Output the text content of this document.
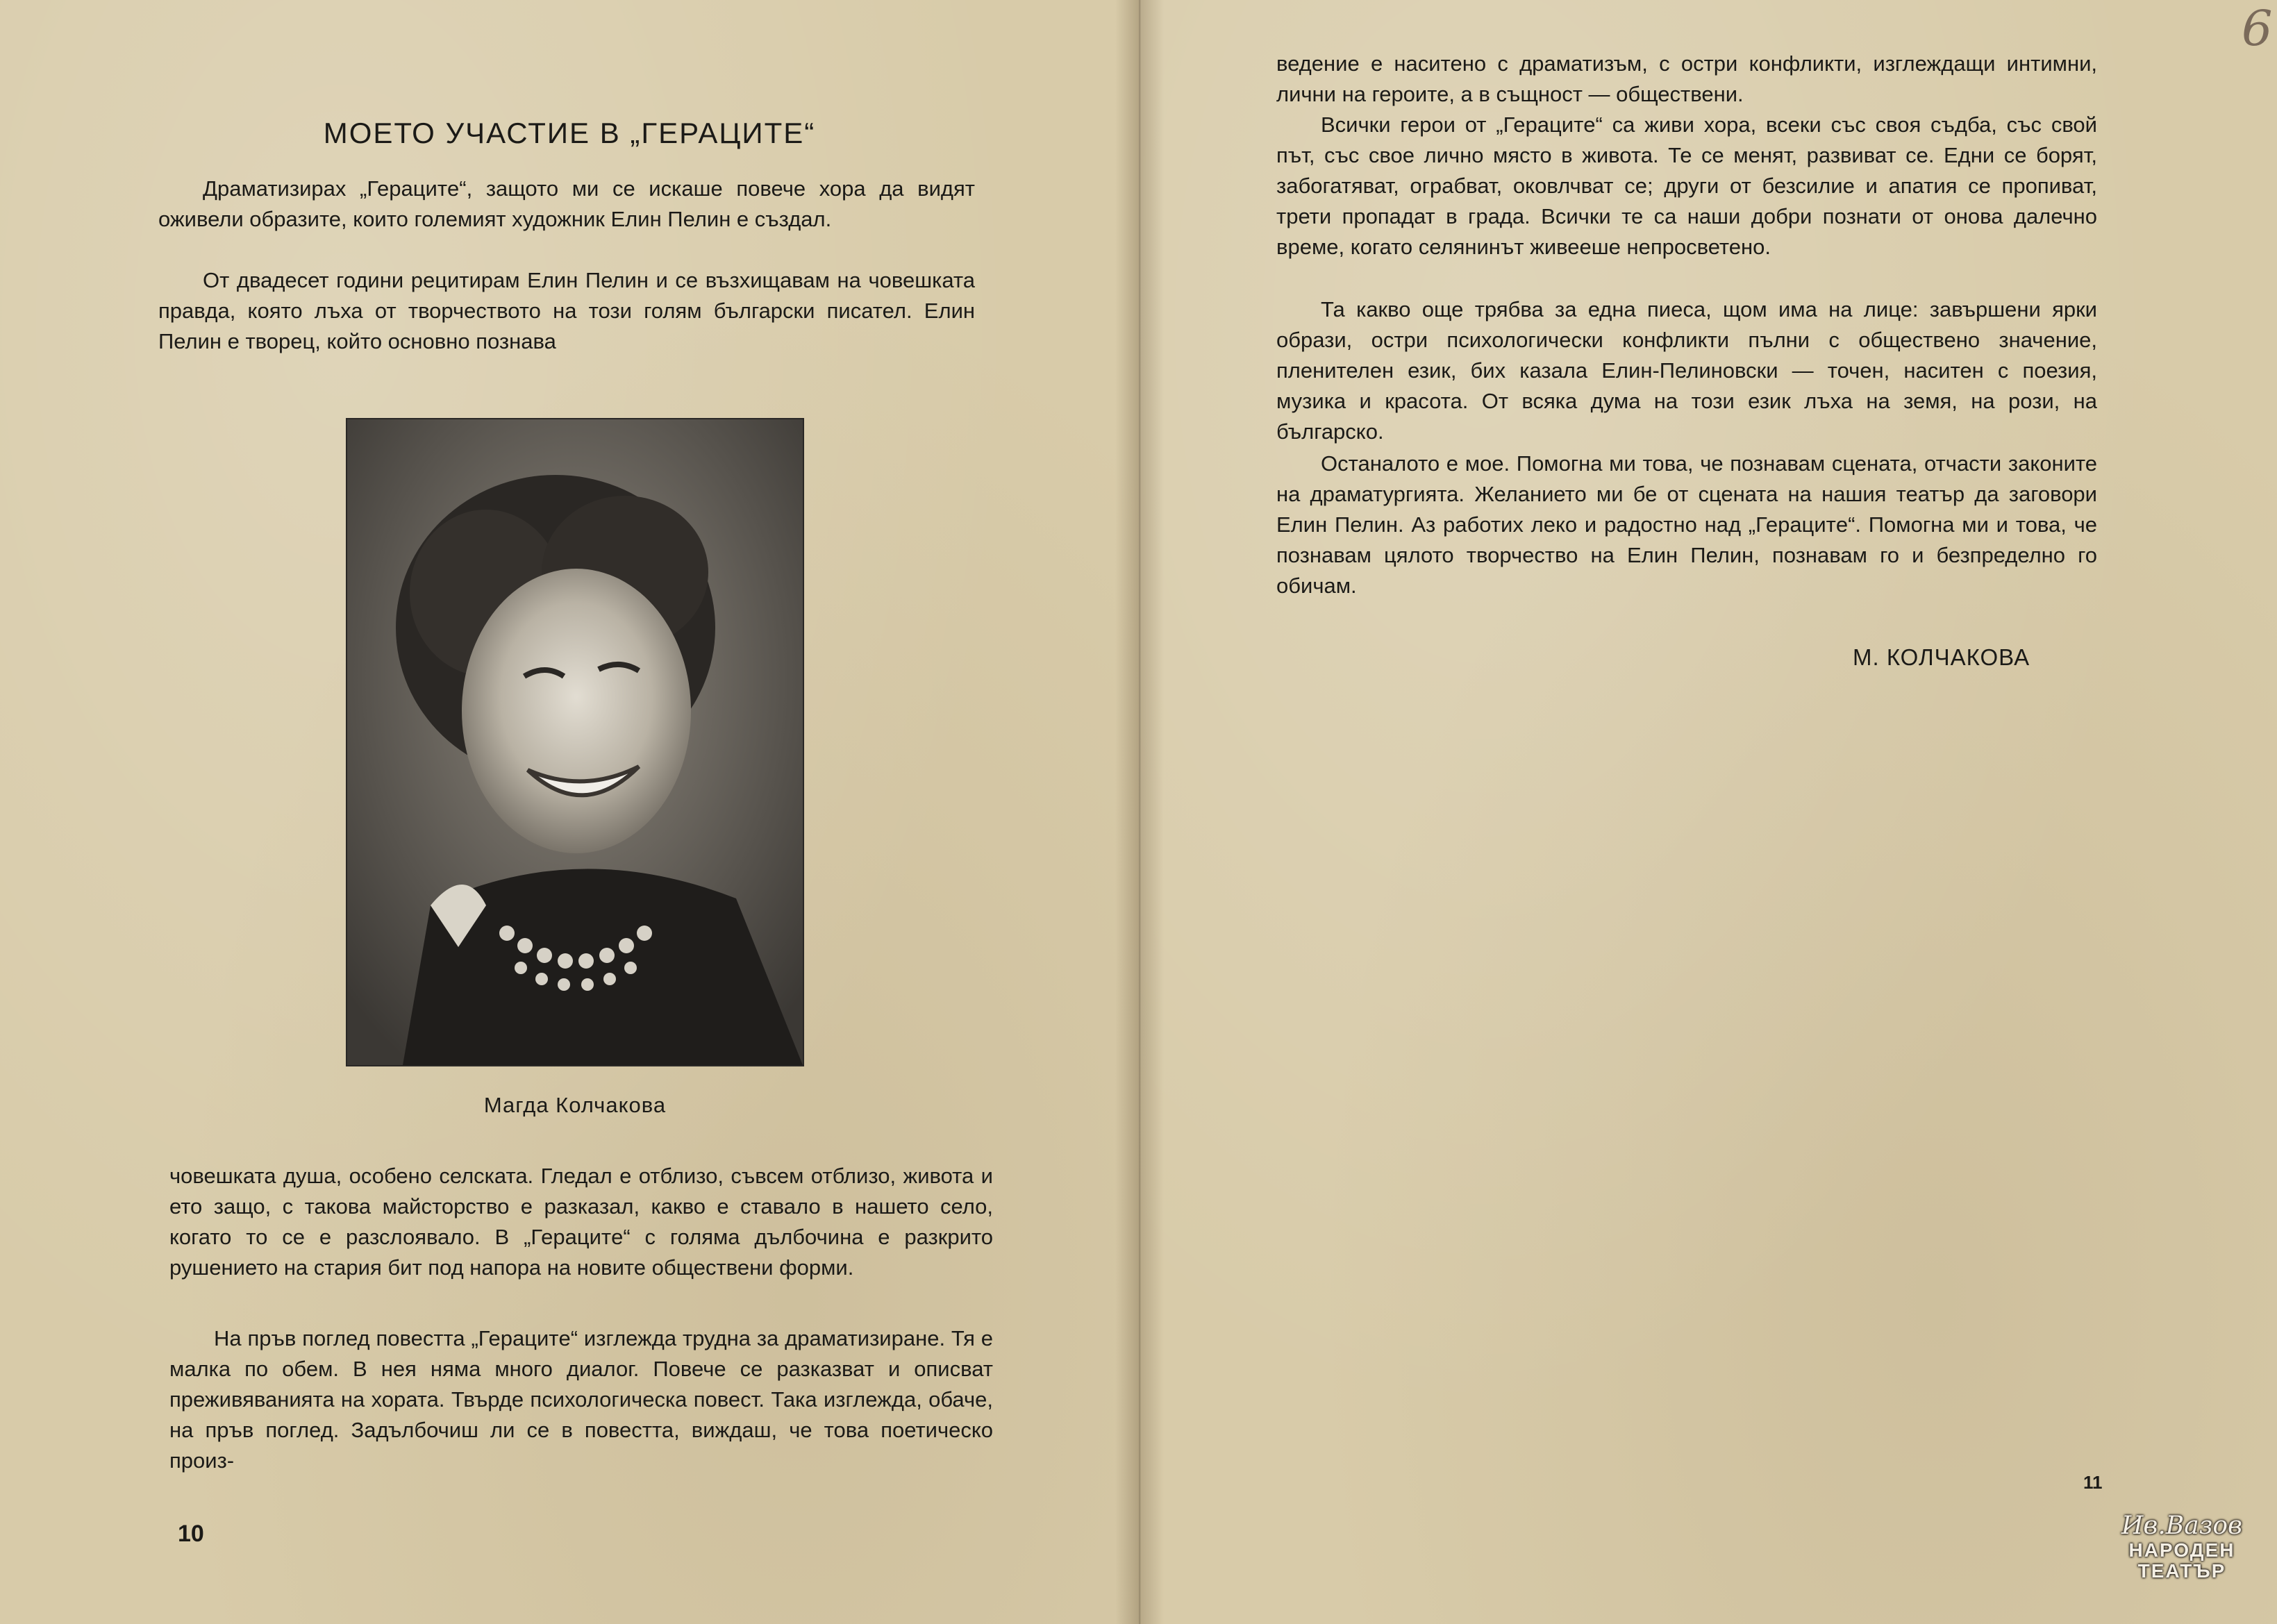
6
МОЕТО УЧАСТИЕ В „ГЕРАЦИТЕ“

Драматизирах „Герацитe“, защото ми се искаше повече хора да видят оживели образите, които големият художник Елин Пелин е създал.

От двадесет години рецитирам Елин Пелин и се възхищавам на човешката правда, която лъха от творчеството на този голям български писател. Елин Пелин е творец, който основно познава

Магда Колчакова

човешката душа, особено селската. Гледал е отблизо, съвсем отблизо, живота и ето защо, с такова майсторство е разказал, какво е ставало в нашето село, когато то се е разслоявало. В „Герацитe“ с голяма дълбочина е разкрито рушението на стария бит под напора на новите обществени форми.

На пръв поглед повестта „Герацитe“ изглежда трудна за драматизиране. Тя е малка по обем. В нея няма много диалог. Повече се разказват и описват преживяванията на хората. Твърде психологическа повест. Така изглежда, обаче, на пръв поглед. Задълбочиш ли се в повестта, виждаш, че това поетическо произ-

10

ведение е наситено с драматизъм, с остри конфликти, изглеждащи интимни, лични на героите, а в същност — обществени.

Всички герои от „Герацитe“ са живи хора, всеки със своя съдба, със свой път, със свое лично място в живота. Те се менят, развиват се. Едни се борят, забогатяват, ограбват, оковлчват се; други от безсилие и апатия се пропиват, трети пропадат в града. Всички те са наши добри познати от онова далечно време, когато селянинът живееше непросветено.

Та какво още трябва за една пиеса, щом има на лице: завършени ярки образи, остри психологически конфликти пълни с обществено значение, пленителен език, бих казала Елин-Пелиновски — точен, наситен с поезия, музика и красота. От всяка дума на този език лъха на земя, на рози, на българско.

Останалото е мое. Помогна ми това, че познавам сцената, отчасти законите на драматургията. Желанието ми бе от сцената на нашия театър да заговори Елин Пелин. Аз работих леко и радостно над „Герацитe“. Помогна ми и това, че познавам цялото творчество на Елин Пелин, познавам го и безпределно го обичам.

М. КОЛЧАКОВА
11
Ив.Вазов
НАРОДЕН
ТЕАТЪР
